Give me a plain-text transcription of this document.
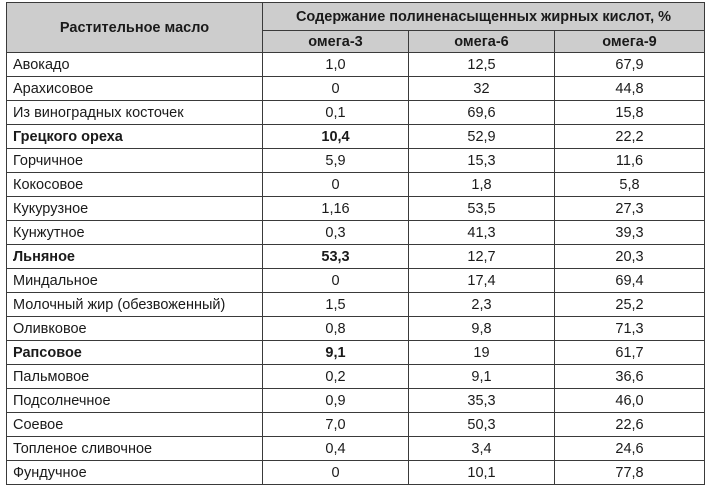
Растительное масло	Содержание полиненасыщенных жирных кислот, %		
	омега-3	омега-6	омега-9
Авокадо	1,0	12,5	67,9
Арахисовое	0	32	44,8
Из виноградных косточек	0,1	69,6	15,8
Грецкого ореха	10,4	52,9	22,2
Горчичное	5,9	15,3	11,6
Кокосовое	0	1,8	5,8
Кукурузное	1,16	53,5	27,3
Кунжутное	0,3	41,3	39,3
Льняное	53,3	12,7	20,3
Миндальное	0	17,4	69,4
Молочный жир (обезвоженный)	1,5	2,3	25,2
Оливковое	0,8	9,8	71,3
Рапсовое	9,1	19	61,7
Пальмовое	0,2	9,1	36,6
Подсолнечное	0,9	35,3	46,0
Соевое	7,0	50,3	22,6
Топленое сливочное	0,4	3,4	24,6
Фундучное	0	10,1	77,8
